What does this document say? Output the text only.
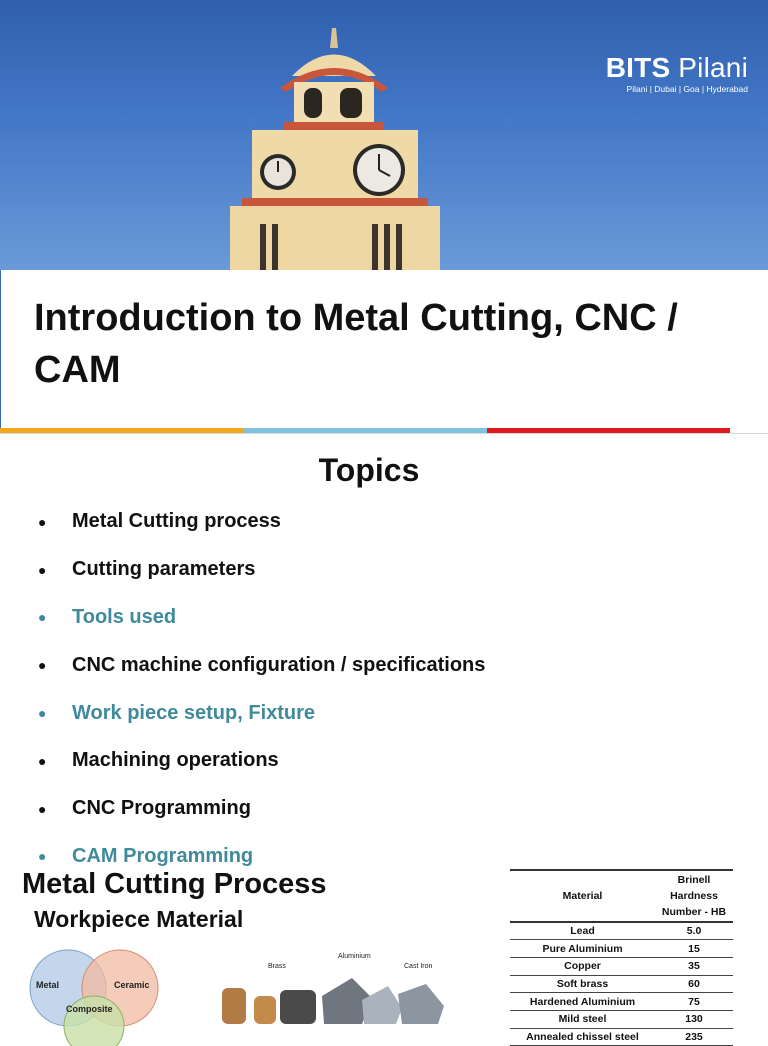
BITS Pilani
Pilani | Dubai | Goa | Hyderabad
Introduction to Metal Cutting, CNC / CAM
Topics
●	Metal Cutting process
●	Cutting parameters
●	Tools used
●	CNC machine configuration / specifications
●	Work piece setup, Fixture
●	Machining operations
●	CNC Programming
●	CAM Programming
Metal Cutting Process
Workpiece Material
Metal	Ceramic
Composite
Brass
Aluminium
Cast Iron
Material	Brinell Hardness Number - HB
Lead	5.0
Pure Aluminium	15
Copper	35
Soft brass	60
Hardened Aluminium	75
Mild steel	130
Annealed chissel steel	235
